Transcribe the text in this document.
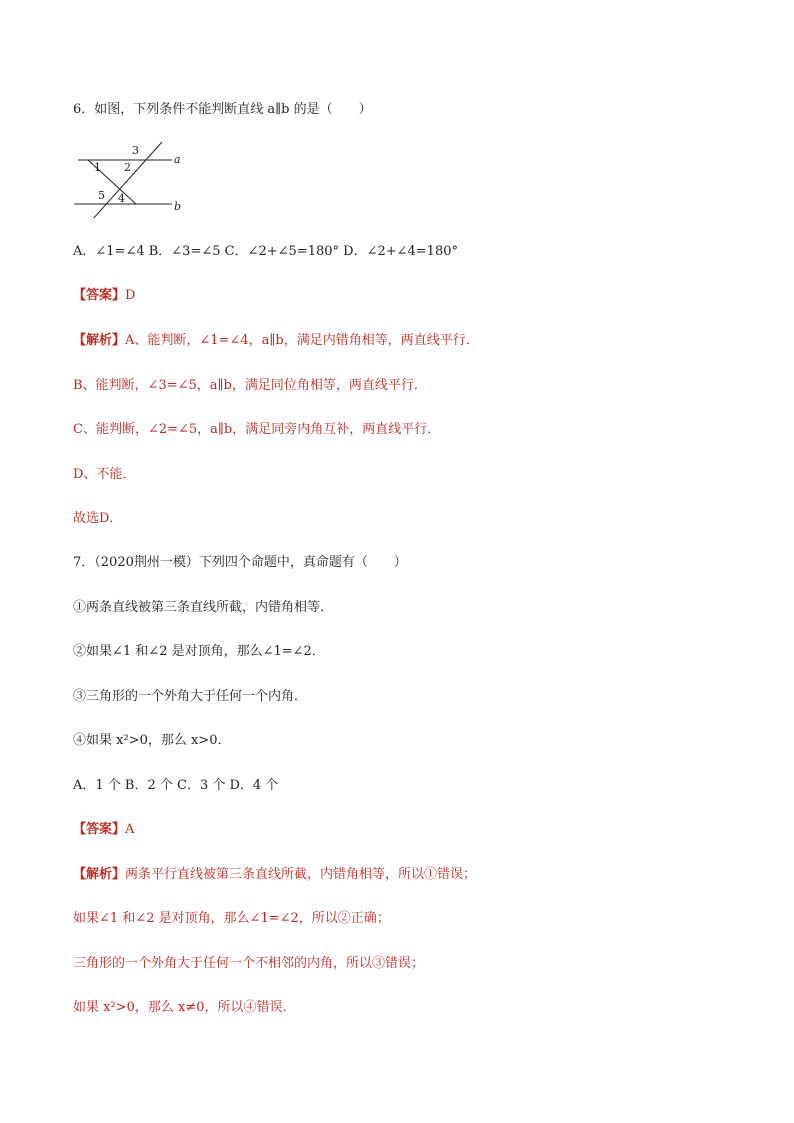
6．如图，下列条件不能判断直线 a∥b 的是（　　）
3
1 2
5 4
a
b
A．∠1=∠4 B．∠3=∠5 C．∠2+∠5=180° D．∠2+∠4=180°
【答案】D
【解析】A、能判断，∠1=∠4，a∥b，满足内错角相等，两直线平行．
B、能判断，∠3=∠5，a∥b，满足同位角相等，两直线平行．
C、能判断，∠2=∠5，a∥b，满足同旁内角互补，两直线平行．
D、不能．
故选D．
7．（2020荆州一模）下列四个命题中，真命题有（　　）
①两条直线被第三条直线所截，内错角相等．
②如果∠1 和∠2 是对顶角，那么∠1=∠2．
③三角形的一个外角大于任何一个内角．
④如果 x²>0，那么 x>0．
A．1 个 B．2 个 C．3 个 D．4 个
【答案】A
【解析】两条平行直线被第三条直线所截，内错角相等，所以①错误；
如果∠1 和∠2 是对顶角，那么∠1=∠2，所以②正确；
三角形的一个外角大于任何一个不相邻的内角，所以③错误；
如果 x²>0，那么 x≠0，所以④错误．
